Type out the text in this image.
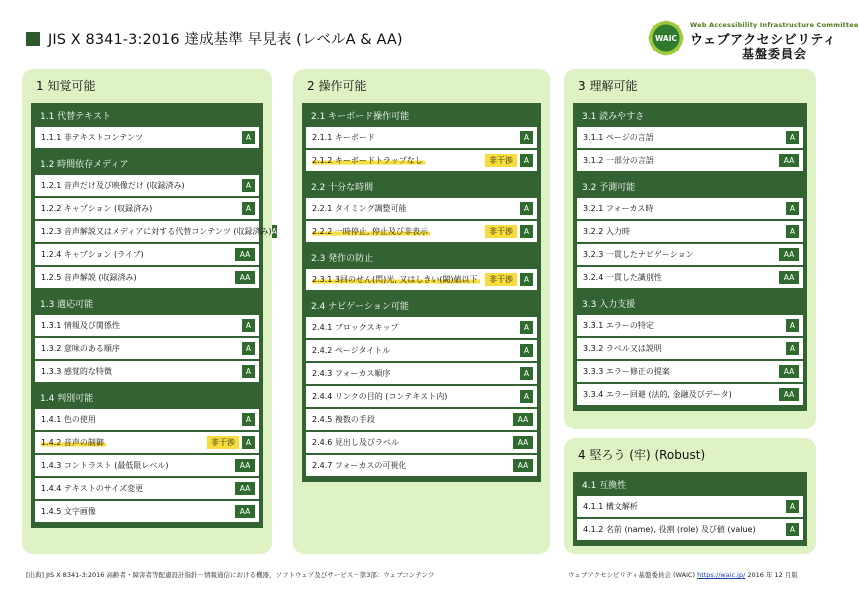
JIS X 8341-3:2016 達成基準 早見表 (レベルA & AA)	WAIC
Web Accessibility Infrastructure Committee
ウェブアクセシビリティ
基盤委員会
1 知覚可能
1.1 代替テキスト
1.1.1 非テキストコンテンツ	A
1.2 時間依存メディア
1.2.1 音声だけ及び映像だけ (収録済み)	A
1.2.2 キャプション (収録済み)	A
1.2.3 音声解説又はメディアに対する代替コンテンツ (収録済み) A
1.2.4 キャプション (ライブ)	AA
1.2.5 音声解説 (収録済み)	AA
1.3 適応可能
1.3.1 情報及び関係性	A
1.3.2 意味のある順序	A
1.3.3 感覚的な特徴	A
1.4 判別可能
1.4.1 色の使用	A
1.4.2 音声の制御	非干渉	A
1.4.3 コントラスト (最低限レベル)	AA
1.4.4 テキストのサイズ変更	AA
1.4.5 文字画像	AA
2 操作可能
2.1 キーボード操作可能
2.1.1 キーボード	A
2.1.2 キーボードトラップなし	非干渉	A
2.2 十分な時間
2.2.1 タイミング調整可能	A
2.2.2 一時停止, 停止及び非表示	非干渉	A
2.3 発作の防止
2.3.1 3回のせん(閃)光, 又はしきい(閾)値以下	非干渉	A
2.4 ナビゲーション可能
2.4.1 ブロックスキップ	A
2.4.2 ページタイトル	A
2.4.3 フォーカス順序	A
2.4.4 リンクの目的 (コンテキスト内)	A
2.4.5 複数の手段	AA
2.4.6 見出し及びラベル	AA
2.4.7 フォーカスの可視化	AA
3 理解可能
3.1 読みやすさ
3.1.1 ページの言語	A
3.1.2 一部分の言語	AA
3.2 予測可能
3.2.1 フォーカス時	A
3.2.2 入力時	A
3.2.3 一貫したナビゲーション	AA
3.2.4 一貫した識別性	AA
3.3 入力支援
3.3.1 エラーの特定	A
3.3.2 ラベル又は説明	A
3.3.3 エラー修正の提案	AA
3.3.4 エラー回避 (法的, 金融及びデータ)	AA
4 堅ろう (牢) (Robust)
4.1 互換性
4.1.1 構文解析	A
4.1.2 名前 (name), 役割 (role) 及び値 (value)	A
[出典] JIS X 8341-3:2016 高齢者・障害者等配慮設計指針－情報通信における機器，ソフトウェア及びサービス－第3部：ウェブコンテンツ	ウェブアクセシビリティ基盤委員会 (WAIC) https://waic.jp/ 2016 年 12 月版
